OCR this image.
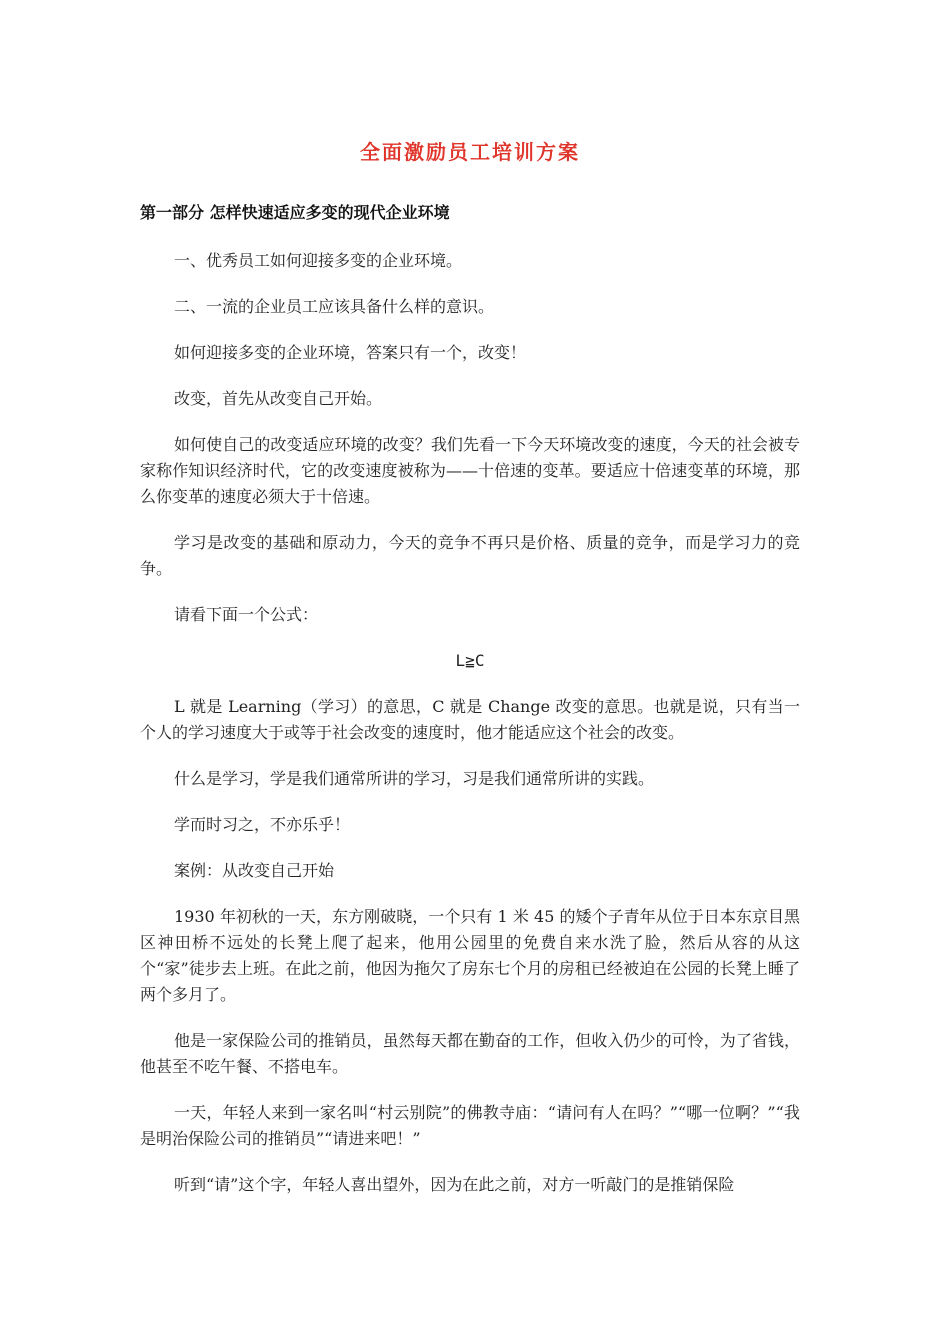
全面激励员工培训方案
第一部分 怎样快速适应多变的现代企业环境

一、优秀员工如何迎接多变的企业环境。

二、一流的企业员工应该具备什么样的意识。

如何迎接多变的企业环境，答案只有一个，改变！

改变，首先从改变自己开始。

如何使自己的改变适应环境的改变？我们先看一下今天环境改变的速度，今天的社会被专家称作知识经济时代，它的改变速度被称为——十倍速的变革。要适应十倍速变革的环境，那么你变革的速度必须大于十倍速。

学习是改变的基础和原动力，今天的竞争不再只是价格、质量的竞争，而是学习力的竞争。

请看下面一个公式：

L≧C

L 就是 Learning（学习）的意思，C 就是 Change 改变的意思。也就是说，只有当一个人的学习速度大于或等于社会改变的速度时，他才能适应这个社会的改变。

什么是学习，学是我们通常所讲的学习，习是我们通常所讲的实践。

学而时习之，不亦乐乎！

案例：从改变自己开始

1930 年初秋的一天，东方刚破晓，一个只有 1 米 45 的矮个子青年从位于日本东京目黑区神田桥不远处的长凳上爬了起来，他用公园里的免费自来水洗了脸，然后从容的从这个“家”徒步去上班。在此之前，他因为拖欠了房东七个月的房租已经被迫在公园的长凳上睡了两个多月了。

他是一家保险公司的推销员，虽然每天都在勤奋的工作，但收入仍少的可怜，为了省钱，他甚至不吃午餐、不搭电车。

一天，年轻人来到一家名叫“村云别院”的佛教寺庙：“请问有人在吗？”“哪一位啊？”“我是明治保险公司的推销员”“请进来吧！”

听到“请”这个字，年轻人喜出望外，因为在此之前，对方一听敲门的是推销保险
